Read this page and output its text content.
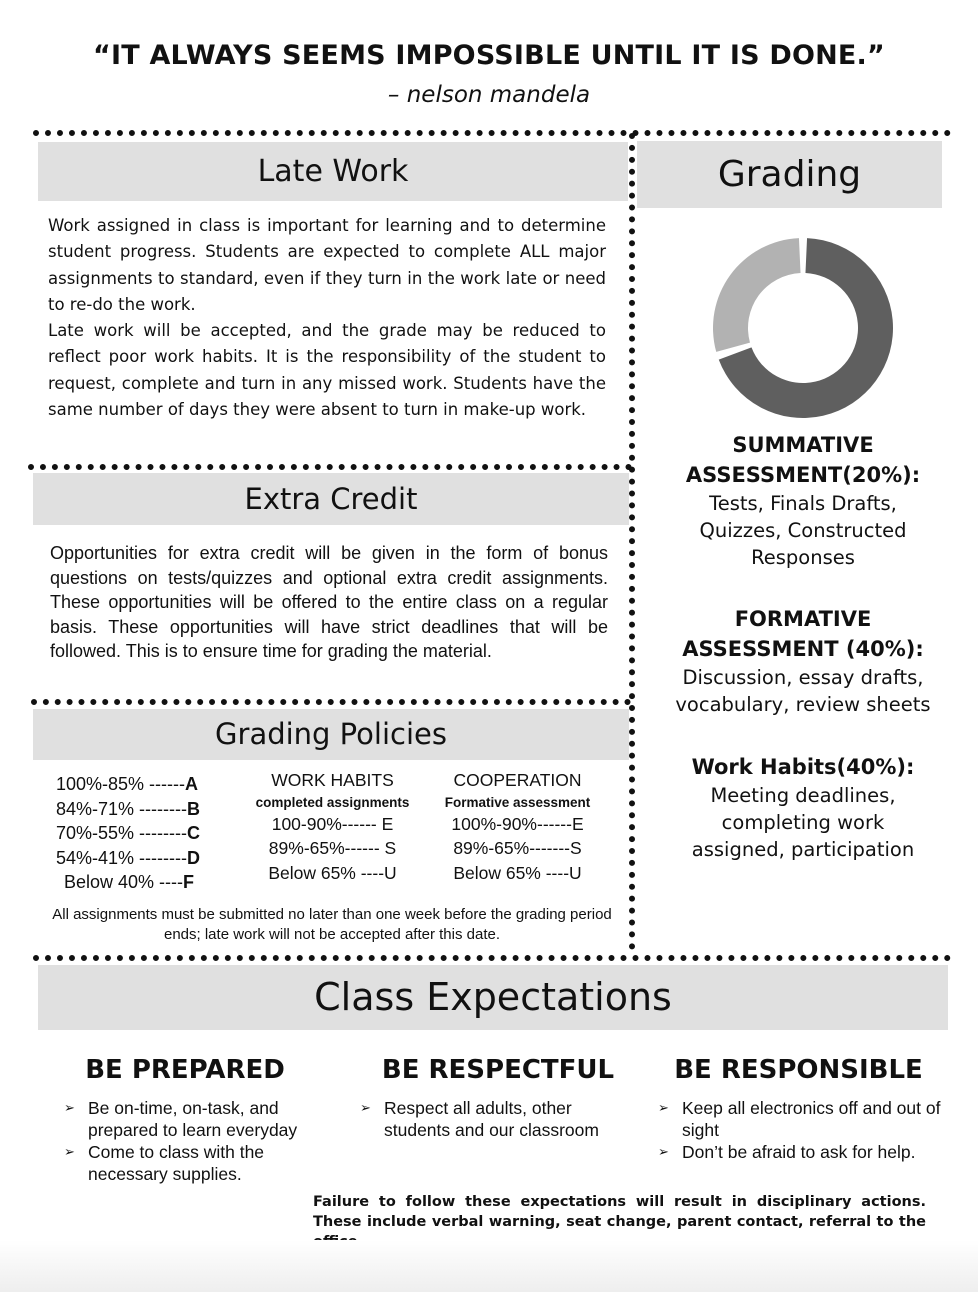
“IT ALWAYS SEEMS IMPOSSIBLE UNTIL IT IS DONE.”
– nelson mandela
Late Work
Work assigned in class is important for learning and to determine student progress. Students are expected to complete ALL major assignments to standard, even if they turn in the work late or need to re-do the work.
Late work will be accepted, and the grade may be reduced to reflect poor work habits. It is the responsibility of the student to request, complete and turn in any missed work. Students have the same number of days they were absent to turn in make-up work.
Extra Credit
Opportunities for extra credit will be given in the form of bonus questions on tests/quizzes and optional extra credit assignments. These opportunities will be offered to the entire class on a regular basis. These opportunities will have strict deadlines that will be followed. This is to ensure time for grading the material.
Grading Policies
100%-85% ------A
84%-71% --------B
70%-55% --------C
54%-41% --------D
Below 40% ----F
WORK HABITS
completed assignments
100-90%------ E
89%-65%------ S
Below 65% ----U
COOPERATION
Formative assessment
100%-90%------E
89%-65%-------S
Below 65% ----U
All assignments must be submitted no later than one week before the grading period ends; late work will not be accepted after this date.
Grading
SUMMATIVE ASSESSMENT(20%):
Tests, Finals Drafts, Quizzes, Constructed Responses
FORMATIVE ASSESSMENT (40%):
Discussion, essay drafts, vocabulary, review sheets
Work Habits(40%):
Meeting deadlines, completing work assigned, participation
Class Expectations
BE PREPARED
➢ Be on-time, on-task, and prepared to learn everyday
➢ Come to class with the necessary supplies.
BE RESPECTFUL
➢ Respect all adults, other students and our classroom
BE RESPONSIBLE
➢ Keep all electronics off and out of sight
➢ Don’t be afraid to ask for help.
Failure to follow these expectations will result in disciplinary actions. These include verbal warning, seat change, parent contact, referral to the
